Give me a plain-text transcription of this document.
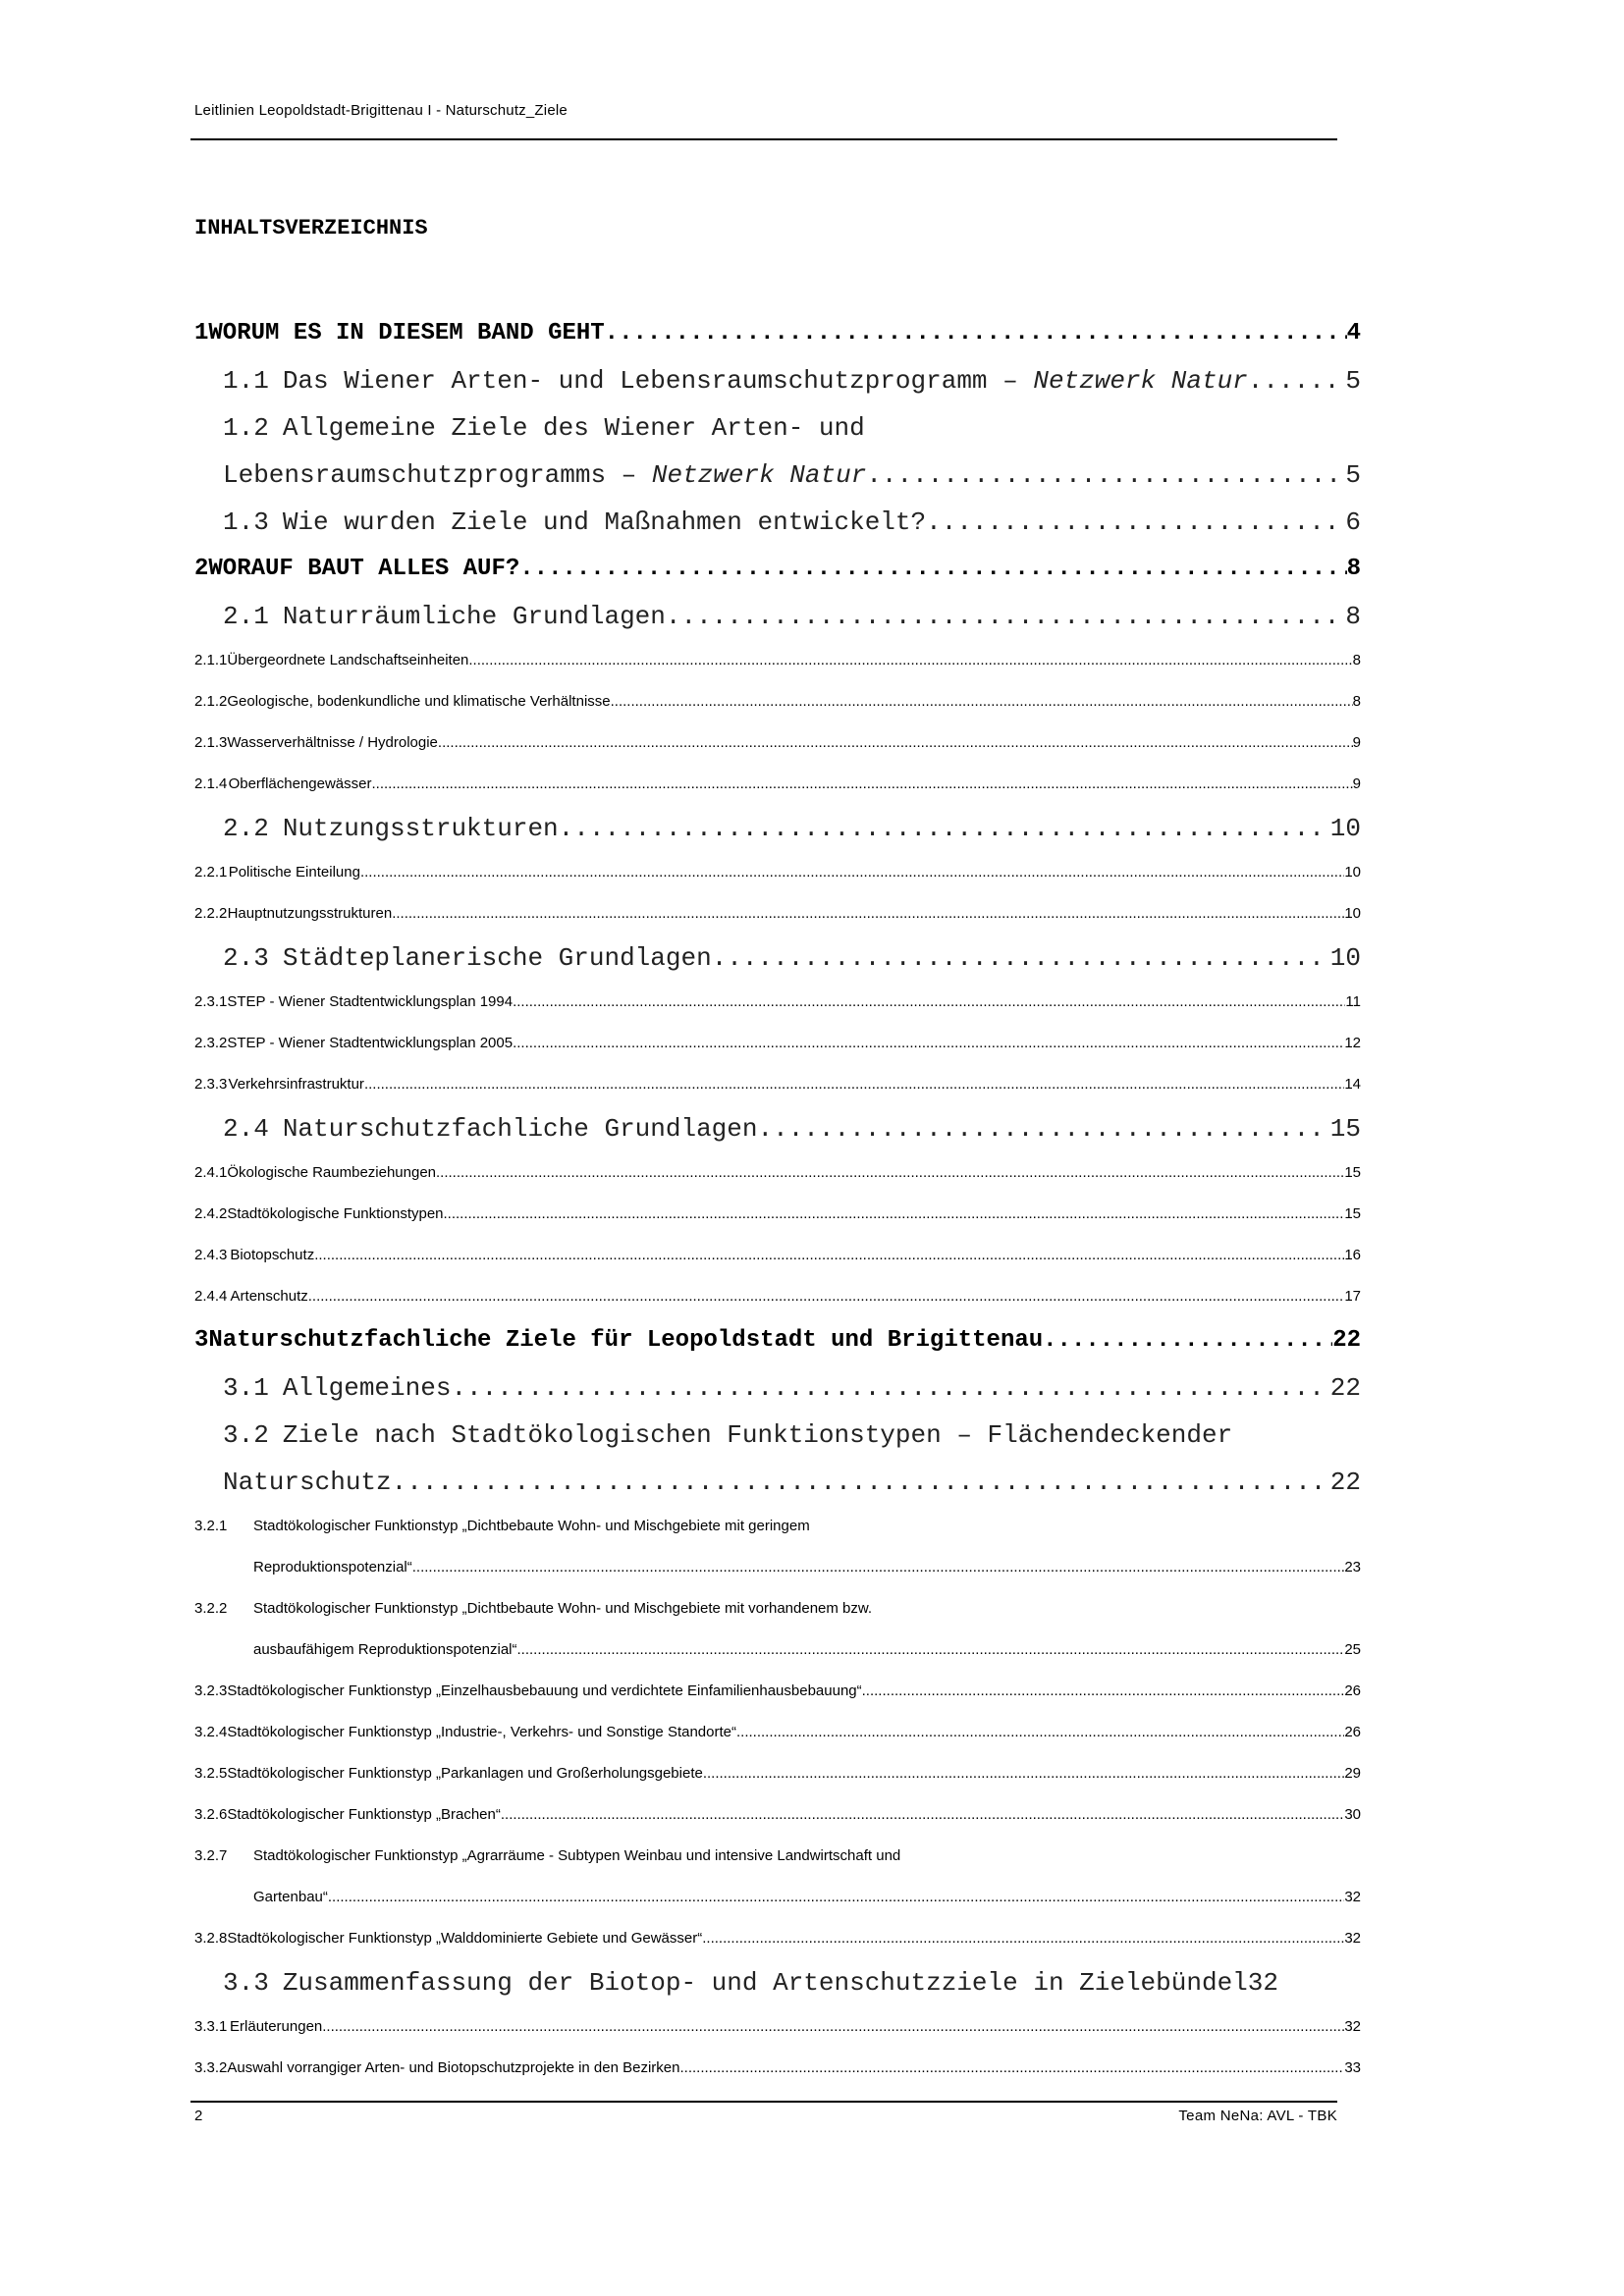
Leitlinien Leopoldstadt-Brigittenau I - Naturschutz_Ziele
INHALTSVERZEICHNIS
1 WORUM ES IN DIESEM BAND GEHT .....	4
1.1 Das Wiener Arten- und Lebensraumschutzprogramm – Netzwerk Natur .....	5
1.2 Allgemeine Ziele des Wiener Arten- und
Lebensraumschutzprogramms – Netzwerk Natur .....	5
1.3 Wie wurden Ziele und Maßnahmen entwickelt? .....	6
2 WORAUF BAUT ALLES AUF? .....	8
2.1 Naturräumliche Grundlagen .....	8
2.1.1 Übergeordnete Landschaftseinheiten .....	8
2.1.2 Geologische, bodenkundliche und klimatische Verhältnisse .....	8
2.1.3 Wasserverhältnisse / Hydrologie .....	9
2.1.4 Oberflächengewässer .....	9
2.2 Nutzungsstrukturen .....	10
2.2.1 Politische Einteilung .....	10
2.2.2 Hauptnutzungsstrukturen .....	10
2.3 Städteplanerische Grundlagen .....	10
2.3.1 STEP - Wiener Stadtentwicklungsplan 1994 .....	11
2.3.2 STEP - Wiener Stadtentwicklungsplan 2005 .....	12
2.3.3 Verkehrsinfrastruktur .....	14
2.4 Naturschutzfachliche Grundlagen .....	15
2.4.1 Ökologische Raumbeziehungen .....	15
2.4.2 Stadtökologische Funktionstypen .....	15
2.4.3 Biotopschutz .....	16
2.4.4 Artenschutz .....	17
3 Naturschutzfachliche Ziele für Leopoldstadt und Brigittenau .....	22
3.1 Allgemeines .....	22
3.2 Ziele nach Stadtökologischen Funktionstypen – Flächendeckender
Naturschutz .....	22
3.2.1	Stadtökologischer Funktionstyp „Dichtbebaute Wohn- und Mischgebiete mit geringem
Reproduktionspotenzial“ .....	23
3.2.2	Stadtökologischer Funktionstyp „Dichtbebaute Wohn- und Mischgebiete mit vorhandenem bzw.
ausbaufähigem Reproduktionspotenzial“ .....	25
3.2.3 Stadtökologischer Funktionstyp „Einzelhausbebauung und verdichtete Einfamilienhausbebauung“ .....	26
3.2.4 Stadtökologischer Funktionstyp „Industrie-, Verkehrs- und Sonstige Standorte“ .....	26
3.2.5 Stadtökologischer Funktionstyp „Parkanlagen und Großerholungsgebiete .....	29
3.2.6 Stadtökologischer Funktionstyp „Brachen“ .....	30
3.2.7	Stadtökologischer Funktionstyp „Agrarräume - Subtypen Weinbau und intensive Landwirtschaft und
Gartenbau“ .....	32
3.2.8 Stadtökologischer Funktionstyp „Walddominierte Gebiete und Gewässer“ .....	32
3.3 Zusammenfassung der Biotop- und Artenschutzziele in Zielebündel 32
3.3.1 Erläuterungen .....	32
3.3.2 Auswahl vorrangiger Arten- und Biotopschutzprojekte in den Bezirken .....	33
2	Team NeNa: AVL - TBK
